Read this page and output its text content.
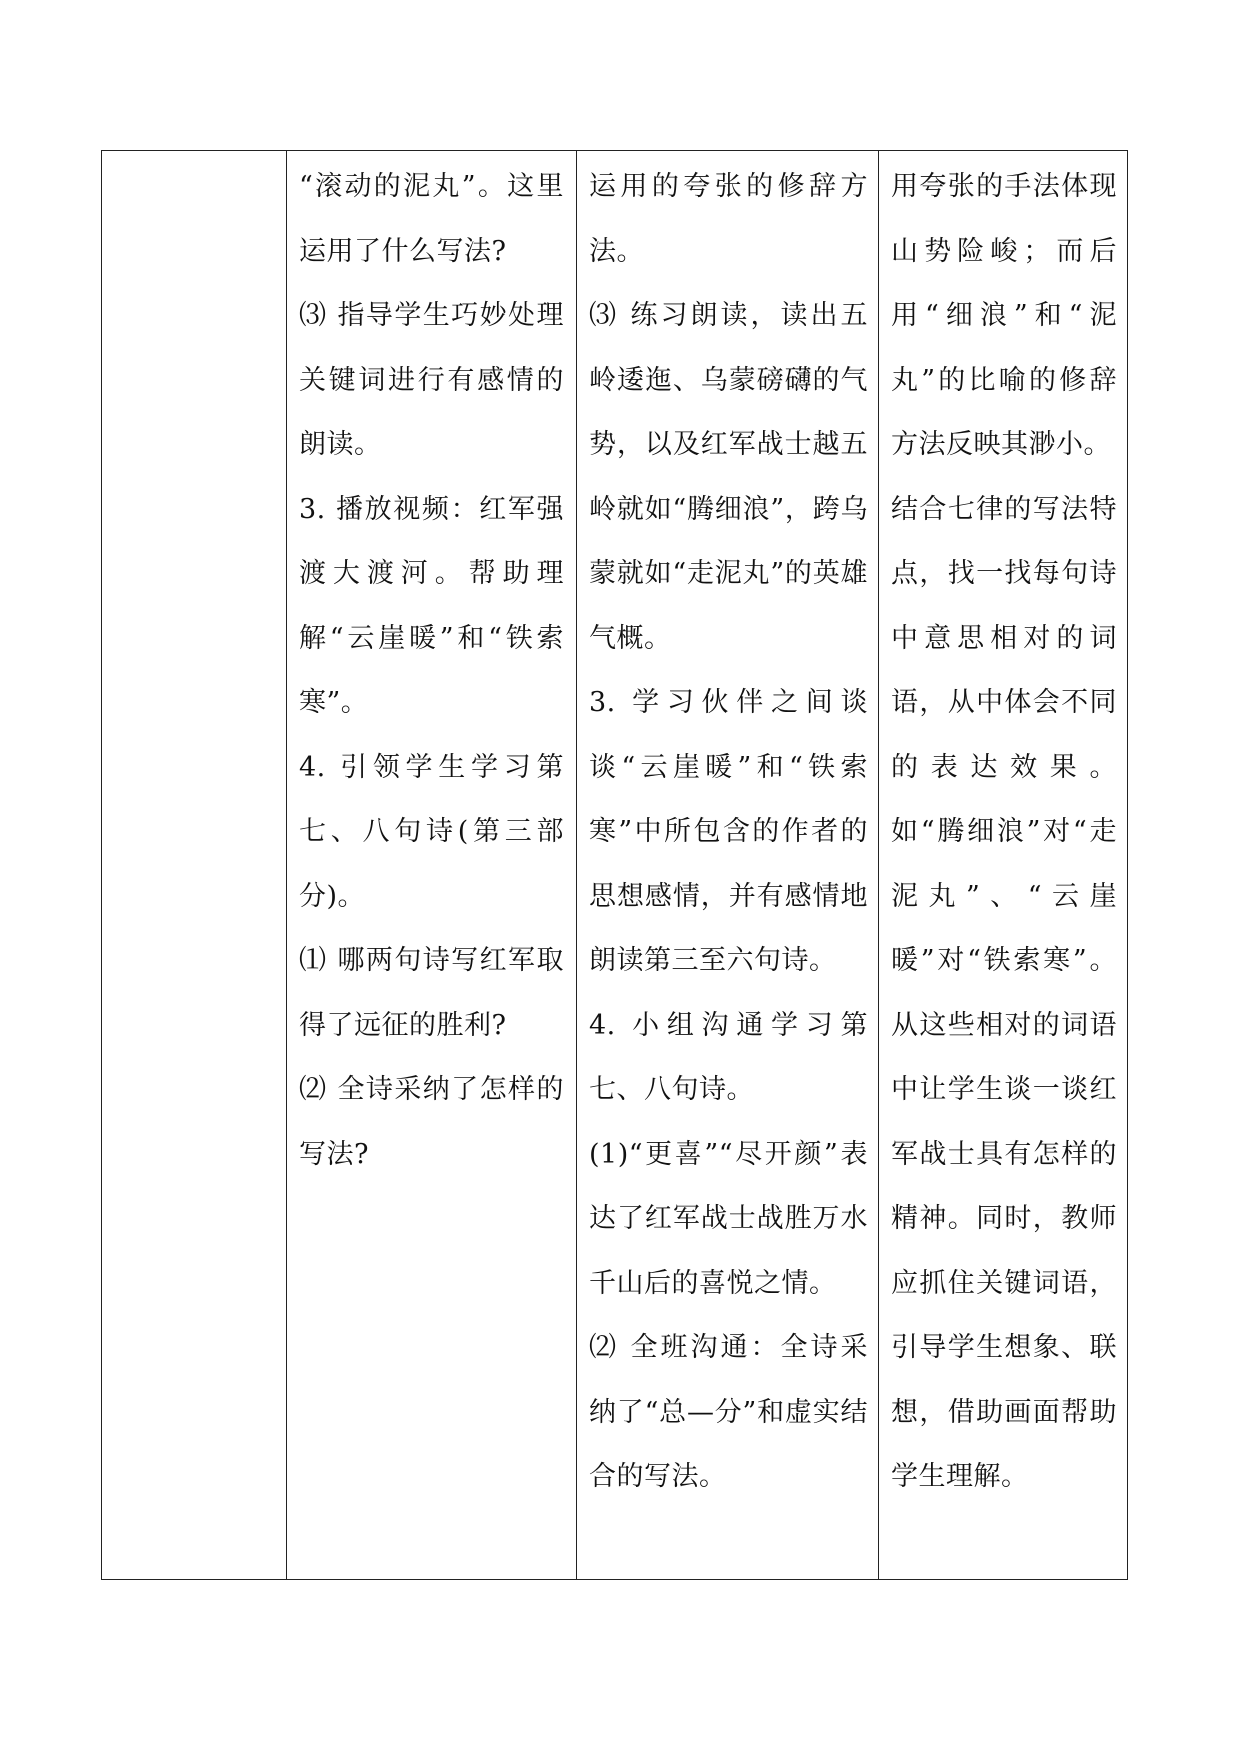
“滚动的泥丸”。这里运用了什么写法?
⑶ 指导学生巧妙处理关键词进行有感情的朗读。
3. 播放视频：红军强渡大渡河。帮助理解“云崖暖”和“铁索寒”。
4. 引领学生学习第七、八句诗(第三部分)。
⑴ 哪两句诗写红军取得了远征的胜利?
⑵ 全诗采纳了怎样的写法?

运用的夸张的修辞方法。
⑶ 练习朗读，读出五岭逶迤、乌蒙磅礴的气势，以及红军战士越五岭就如“腾细浪”，跨乌蒙就如“走泥丸”的英雄气概。
3. 学习伙伴之间谈谈“云崖暖”和“铁索寒”中所包含的作者的思想感情，并有感情地朗读第三至六句诗。
4. 小组沟通学习第七、八句诗。
(1)“更喜”“尽开颜”表达了红军战士战胜万水千山后的喜悦之情。
⑵ 全班沟通：全诗采纳了“总—分”和虚实结合的写法。

用夸张的手法体现山势险峻；而后用“细浪”和“泥丸”的比喻的修辞方法反映其渺小。
结合七律的写法特点，找一找每句诗中意思相对的词语，从中体会不同的表达效果。如“腾细浪”对“走泥丸”、“云崖暖”对“铁索寒”。从这些相对的词语中让学生谈一谈红军战士具有怎样的精神。同时，教师应抓住关键词语，引导学生想象、联想，借助画面帮助学生理解。
